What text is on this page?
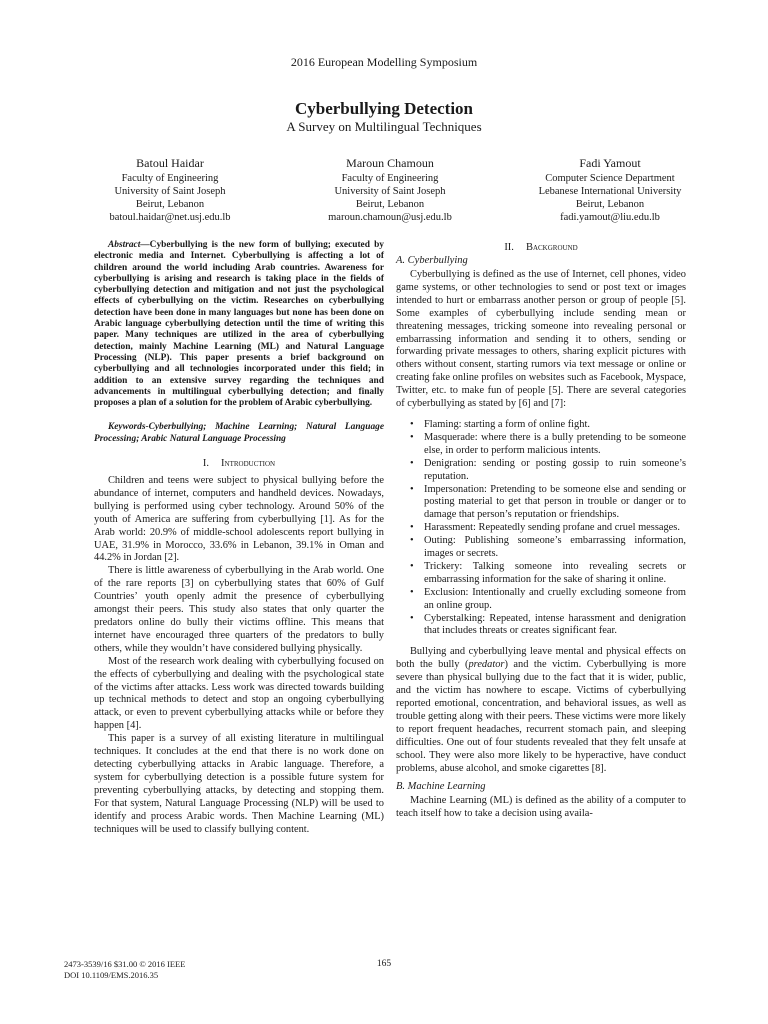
2016 European Modelling Symposium
Cyberbullying Detection
A Survey on Multilingual Techniques
Batoul Haidar
Faculty of Engineering
University of Saint Joseph
Beirut, Lebanon
batoul.haidar@net.usj.edu.lb
Maroun Chamoun
Faculty of Engineering
University of Saint Joseph
Beirut, Lebanon
maroun.chamoun@usj.edu.lb
Fadi Yamout
Computer Science Department
Lebanese International University
Beirut, Lebanon
fadi.yamout@liu.edu.lb

Abstract—Cyberbullying is the new form of bullying; executed by electronic media and Internet. Cyberbullying is affecting a lot of children around the world including Arab countries. Awareness for cyberbullying is arising and research is taking place in the fields of cyberbullying detection and mitigation and not just the psychological effects of cyberbullying on the victim. Researches on cyberbullying detection have been done in many languages but none has been done on Arabic language cyberbullying detection until the time of writing this paper. Many techniques are utilized in the area of cyberbullying detection, mainly Machine Learning (ML) and Natural Language Processing (NLP). This paper presents a brief background on cyberbullying and all technologies incorporated under this field; in addition to an extensive survey regarding the techniques and advancements in multilingual cyberbullying detection; and finally proposes a plan of a solution for the problem of Arabic cyberbullying.

Keywords-Cyberbullying; Machine Learning; Natural Language Processing; Arabic Natural Language Processing

I. Introduction

Children and teens were subject to physical bullying before the abundance of internet, computers and handheld devices. Nowadays, bullying is performed using cyber technology. Around 50% of the youth of America are suffering from cyberbullying [1]. As for the Arab world: 20.9% of middle-school adolescents report bullying in UAE, 31.9% in Morocco, 33.6% in Lebanon, 39.1% in Oman and 44.2% in Jordan [2].

There is little awareness of cyberbullying in the Arab world. One of the rare reports [3] on cyberbullying states that 60% of Gulf Countries’ youth openly admit the presence of cyberbullying amongst their peers. This study also states that only quarter the predators online do bully their victims offline. This means that internet have encouraged three quarters of the predators to bully others, while they wouldn’t have considered bullying physically.

Most of the research work dealing with cyberbullying focused on the effects of cyberbullying and dealing with the psychological state of the victims after attacks. Less work was directed towards building up technical methods to detect and stop an ongoing cyberbullying attack, or even to prevent cyberbullying attacks while or before they happen [4].

This paper is a survey of all existing literature in multilingual techniques. It concludes at the end that there is no work done on detecting cyberbullying attacks in Arabic language. Therefore, a system for cyberbullying detection is a possible future system for preventing cyberbullying attacks, by detecting and stopping them. For that system, Natural Language Processing (NLP) will be used to identify and process Arabic words. Then Machine Learning (ML) techniques will be used to classify bullying content.

II. Background
A. Cyberbullying

Cyberbullying is defined as the use of Internet, cell phones, video game systems, or other technologies to send or post text or images intended to hurt or embarrass another person or group of people [5]. Some examples of cyberbullying include sending mean or threatening messages, tricking someone into revealing personal or embarrassing information and sending it to others, sending or forwarding private messages to others, sharing explicit pictures with others without consent, starting rumors via text message or online or creating fake online profiles on websites such as Facebook, Myspace, Twitter, etc. to make fun of people [5]. There are several categories of cyberbullying as stated by [6] and [7]:

• Flaming: starting a form of online fight.
• Masquerade: where there is a bully pretending to be someone else, in order to perform malicious intents.
• Denigration: sending or posting gossip to ruin someone’s reputation.
• Impersonation: Pretending to be someone else and sending or posting material to get that person in trouble or danger or to damage that person’s reputation or friendships.
• Harassment: Repeatedly sending profane and cruel messages.
• Outing: Publishing someone’s embarrassing information, images or secrets.
• Trickery: Talking someone into revealing secrets or embarrassing information for the sake of sharing it online.
• Exclusion: Intentionally and cruelly excluding someone from an online group.
• Cyberstalking: Repeated, intense harassment and denigration that includes threats or creates significant fear.

Bullying and cyberbullying leave mental and physical effects on both the bully (predator) and the victim. Cyberbullying is more severe than physical bullying due to the fact that it is wider, public, and the victim has nowhere to escape. Victims of cyberbullying reported emotional, concentration, and behavioral issues, as well as trouble getting along with their peers. These victims were more likely to report frequent headaches, recurrent stomach pain, and sleeping difficulties. One out of four students revealed that they felt unsafe at school. They were also more likely to be hyperactive, have conduct problems, abuse alcohol, and smoke cigarettes [8].

B. Machine Learning

Machine Learning (ML) is defined as the ability of a computer to teach itself how to take a decision using availa-

2473-3539/16 $31.00 © 2016 IEEE
DOI 10.1109/EMS.2016.35
165
